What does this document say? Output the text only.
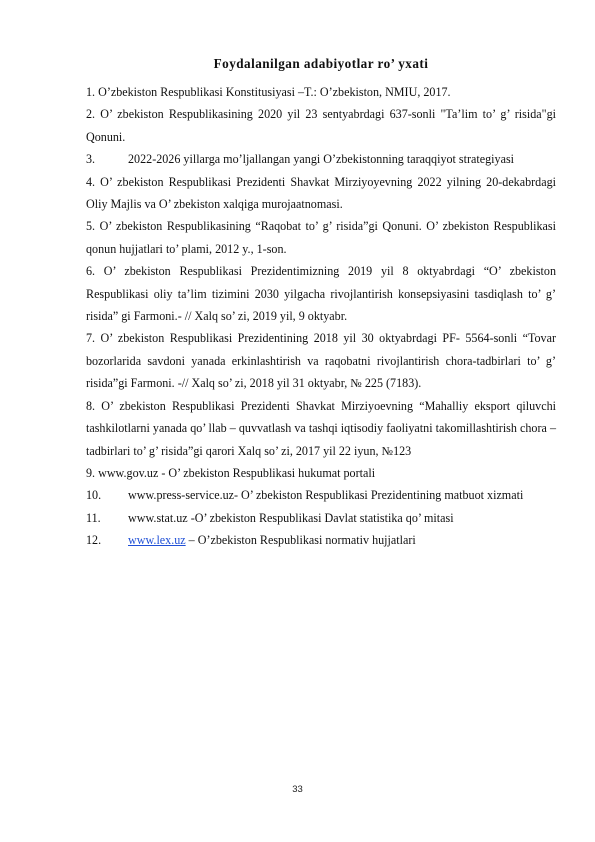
Foydalanilgan adabiyotlar ro’ yxati

1. O’zbekiston Respublikasi Konstitusiyasi –T.: O’zbekiston, NMIU, 2017.

2. O’ zbekiston Respublikasining 2020 yil 23 sentyabrdagi 637-sonli "Ta’lim to’ g’ risida"gi Qonuni.

3.	2022-2026 yillarga mo’ljallangan yangi O’zbekistonning taraqqiyot strategiyasi

4. O’ zbekiston Respublikasi Prezidenti Shavkat Mirziyoyevning 2022 yilning 20-dekabrdagi Oliy Majlis va O’ zbekiston xalqiga murojaatnomasi.

5. O’ zbekiston Respublikasining “Raqobat to’ g’ risida”gi Qonuni. O’ zbekiston Respublikasi qonun hujjatlari to’ plami, 2012 y., 1-son.

6. O’ zbekiston Respublikasi Prezidentimizning 2019 yil 8 oktyabrdagi “O’ zbekiston Respublikasi oliy ta’lim tizimini 2030 yilgacha rivojlantirish konsepsiyasini tasdiqlash to’ g’ risida” gi Farmoni.- // Xalq so’ zi, 2019 yil, 9 oktyabr.

7. O’ zbekiston Respublikasi Prezidentining 2018 yil 30 oktyabrdagi PF- 5564-sonli “Tovar bozorlarida savdoni yanada erkinlashtirish va raqobatni rivojlantirish chora-tadbirlari to’ g’ risida”gi Farmoni. -// Xalq so’ zi, 2018 yil 31 oktyabr, № 225 (7183).

8. O’ zbekiston Respublikasi Prezidenti Shavkat Mirziyoevning “Mahalliy eksport qiluvchi tashkilotlarni yanada qo’ llab – quvvatlash va tashqi iqtisodiy faoliyatni takomillashtirish chora – tadbirlari to’ g’ risida”gi qarori Xalq so’ zi, 2017 yil 22 iyun, №123

9. www.gov.uz - O’ zbekiston Respublikasi hukumat portali

10. www.press-service.uz- O’ zbekiston Respublikasi Prezidentining matbuot xizmati

11. www.stat.uz -O’ zbekiston Respublikasi Davlat statistika qo’ mitasi

12. www.lex.uz – O’zbekiston Respublikasi normativ hujjatlari

33
